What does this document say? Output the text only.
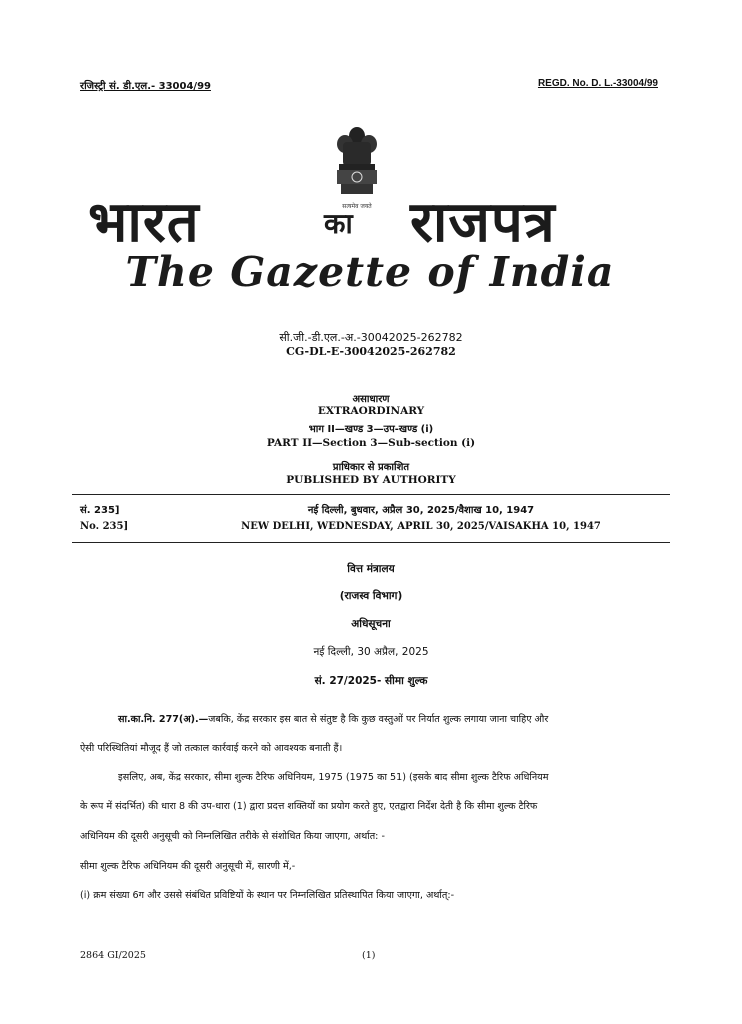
रजिस्ट्री सं. डी.एल.- 33004/99	REGD. No. D. L.-33004/99
सत्यमेव जयते
भारत	का राजपत्र
The Gazette of India
सी.जी.-डी.एल.-अ.-30042025-262782
CG-DL-E-30042025-262782
असाधारण
EXTRAORDINARY
भाग II—खण्ड 3—उप-खण्ड (i)
PART II—Section 3—Sub-section (i)
प्राधिकार से प्रकाशित
PUBLISHED BY AUTHORITY
सं. 235]	नई दिल्ली, बुधवार, अप्रैल 30, 2025/वैशाख 10, 1947
No. 235]	NEW DELHI, WEDNESDAY, APRIL 30, 2025/VAISAKHA 10, 1947
वित्त मंत्रालय
(राजस्व विभाग)
अधिसूचना
नई दिल्ली, 30 अप्रैल, 2025
सं. 27/2025- सीमा शुल्क
सा.का.नि. 277(अ).—जबकि, केंद्र सरकार इस बात से संतुष्ट है कि कुछ वस्तुओं पर निर्यात शुल्क लगाया जाना चाहिए और
ऐसी परिस्थितियां मौजूद हैं जो तत्काल कार्रवाई करने को आवश्यक बनाती हैं।
इसलिए, अब, केंद्र सरकार, सीमा शुल्क टैरिफ अधिनियम, 1975 (1975 का 51) (इसके बाद सीमा शुल्क टैरिफ अधिनियम
के रूप में संदर्भित) की धारा 8 की उप-धारा (1) द्वारा प्रदत्त शक्तियों का प्रयोग करते हुए, एतद्वारा निर्देश देती है कि सीमा शुल्क टैरिफ
अधिनियम की दूसरी अनुसूची को निम्नलिखित तरीके से संशोधित किया जाएगा, अर्थात: -
सीमा शुल्क टैरिफ अधिनियम की दूसरी अनुसूची में, सारणी में,-
(i) क्रम संख्या 6ग और उससे संबंधित प्रविष्टियों के स्थान पर निम्नलिखित प्रतिस्थापित किया जाएगा, अर्थात्:-
2864 GI/2025	(1)
